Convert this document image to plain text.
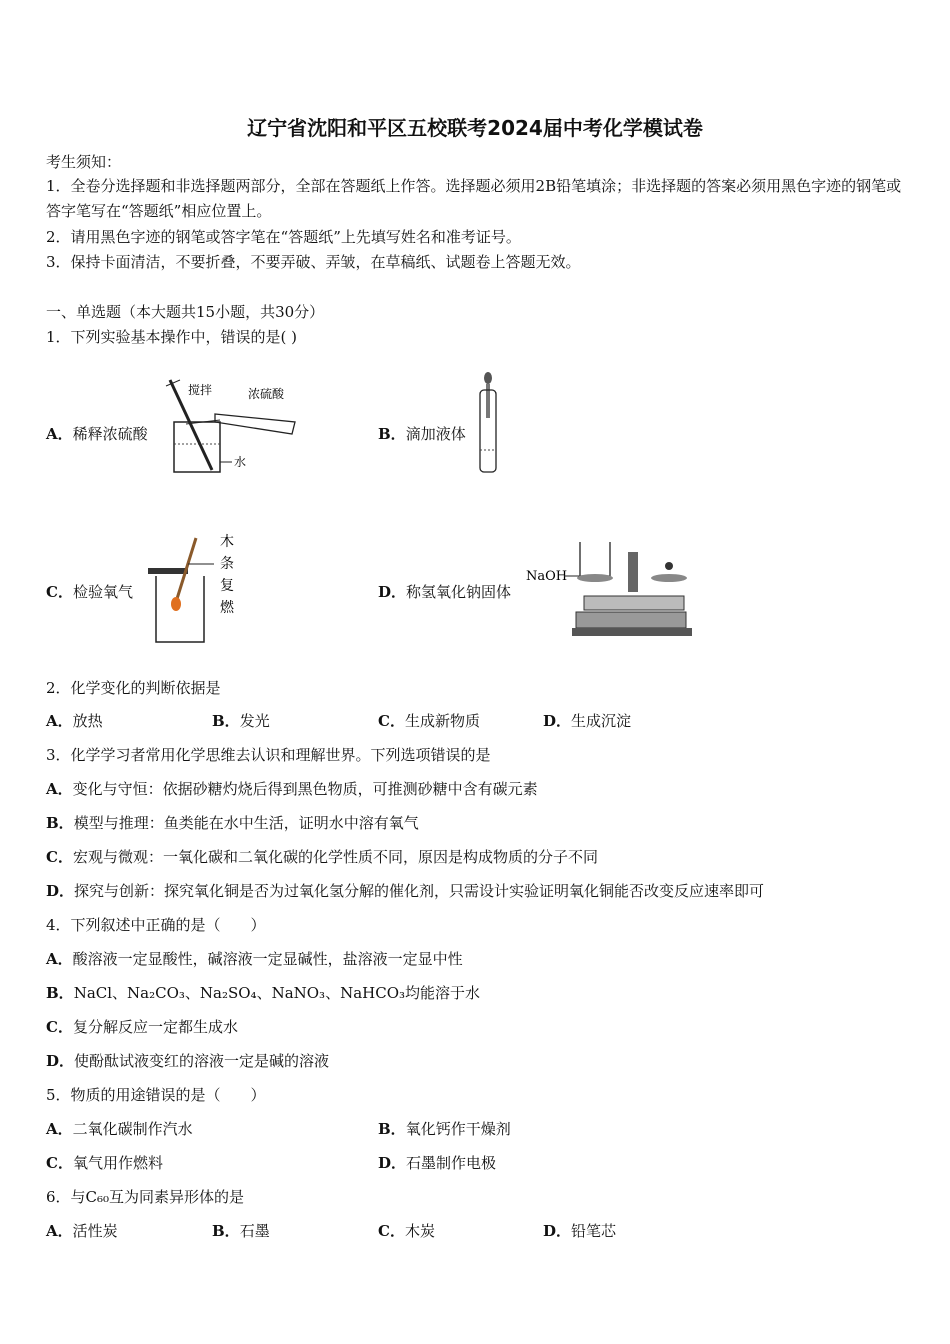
辽宁省沈阳和平区五校联考2024届中考化学模试卷
考生须知：
1．全卷分选择题和非选择题两部分，全部在答题纸上作答。选择题必须用2B铅笔填涂；非选择题的答案必须用黑色字迹的钢笔或答字笔写在“答题纸”相应位置上。
2．请用黑色字迹的钢笔或答字笔在“答题纸”上先填写姓名和准考证号。
3．保持卡面清洁，不要折叠，不要弄破、弄皱，在草稿纸、试题卷上答题无效。
一、单选题（本大题共15小题，共30分）
1．下列实验基本操作中，错误的是( )
A．稀释浓硫酸
搅拌	浓硫酸
水
B．滴加液体
C．检验氧气
木
条
复
燃
D．称氢氧化钠固体
NaOH
2．化学变化的判断依据是
A．放热	B．发光	C．生成新物质	D．生成沉淀
3．化学学习者常用化学思维去认识和理解世界。下列选项错误的是
A．变化与守恒：依据砂糖灼烧后得到黑色物质，可推测砂糖中含有碳元素
B．模型与推理：鱼类能在水中生活，证明水中溶有氧气
C．宏观与微观：一氧化碳和二氧化碳的化学性质不同，原因是构成物质的分子不同
D．探究与创新：探究氧化铜是否为过氧化氢分解的催化剂，只需设计实验证明氧化铜能否改变反应速率即可
4．下列叙述中正确的是（　　）
A．酸溶液一定显酸性，碱溶液一定显碱性，盐溶液一定显中性
B．NaCl、Na₂CO₃、Na₂SO₄、NaNO₃、NaHCO₃均能溶于水
C．复分解反应一定都生成水
D．使酚酞试液变红的溶液一定是碱的溶液
5．物质的用途错误的是（　　）
A．二氧化碳制作汽水	B．氧化钙作干燥剂
C．氧气用作燃料	D．石墨制作电极
6．与C₆₀互为同素异形体的是
A．活性炭	B．石墨	C．木炭	D．铅笔芯
